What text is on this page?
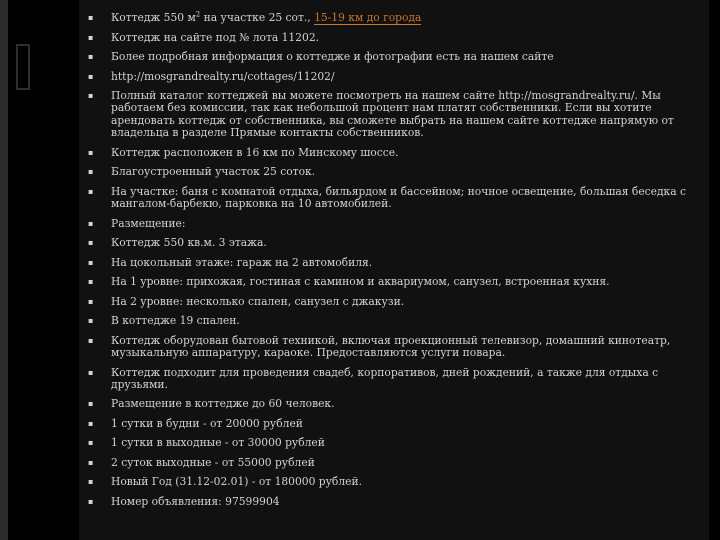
▪ Коттедж 550 $м^2$ на участке 25 сот., 15-19 км до города
▪ Коттедж на сайте под № лота 11202.
▪ Более подробная информация о коттедже и фотографии есть на нашем сайте
▪ http://mosgrandrealty.ru/cottages/11202/
▪ Полный каталог коттеджей вы можете посмотреть на нашем сайте http://mosgrandrealty.ru/. Мы работаем без комиссии, так как небольшой процент нам платят собственники. Если вы хотите арендовать коттедж от собственника, вы сможете выбрать на нашем сайте коттедже напрямую от владельца в разделе Прямые контакты собственников.
▪ Коттедж расположен в 16 км по Минскому шоссе.
▪ Благоустроенный участок 25 соток.
▪ На участке: баня с комнатой отдыха, бильярдом и бассейном; ночное освещение, большая беседка с мангалом-барбекю, парковка на 10 автомобилей.
▪ Размещение:
▪ Коттедж 550 кв.м. 3 этажа.
▪ На цокольный этаже: гараж на 2 автомобиля.
▪ На 1 уровне: прихожая, гостиная с камином и аквариумом, санузел, встроенная кухня.
▪ На 2 уровне: несколько спален, санузел с джакузи.
▪ В коттедже 19 спален.
▪ Коттедж оборудован бытовой техникой, включая проекционный телевизор, домашний кинотеатр, музыкальную аппаратуру, караоке. Предоставляются услуги повара.
▪ Коттедж подходит для проведения свадеб, корпоративов, дней рождений, а также для отдыха с друзьями.
▪ Размещение в коттедже до 60 человек.
▪ 1 сутки в будни - от 20000 рублей
▪ 1 сутки в выходные - от 30000 рублей
▪ 2 суток выходные - от 55000 рублей
▪ Новый Год (31.12-02.01) - от 180000 рублей.
▪ Номер объявления: 97599904
